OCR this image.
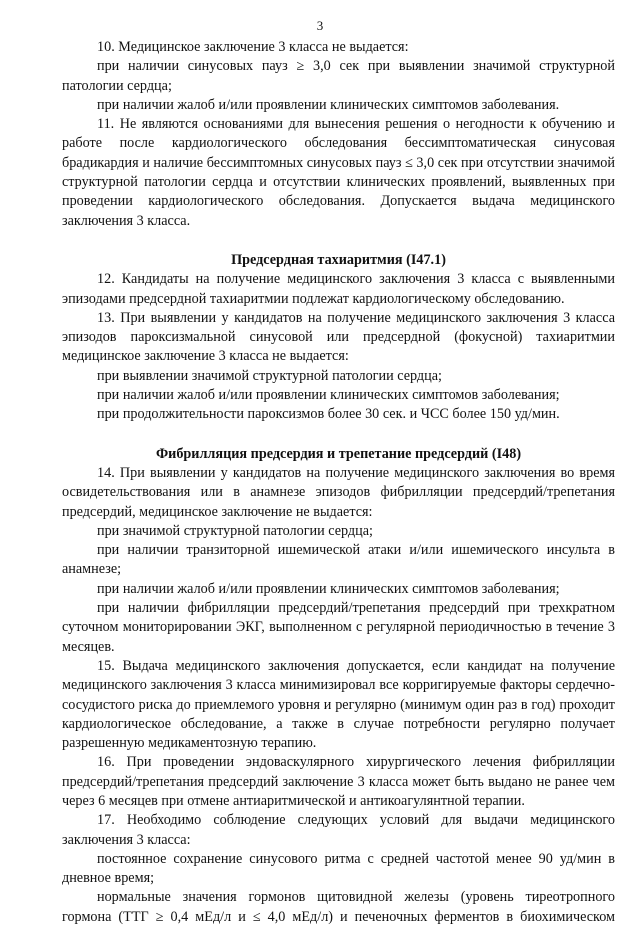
3

10. Медицинское заключение 3 класса не выдается:

при наличии синусовых пауз ≥ 3,0 сек при выявлении значимой структурной патологии сердца;

при наличии жалоб и/или проявлении клинических симптомов заболевания.

11. Не являются основаниями для вынесения решения о негодности к обучению и работе после кардиологического обследования бессимптоматическая синусовая брадикардия и наличие бессимптомных синусовых пауз ≤ 3,0 сек при отсутствии значимой структурной патологии сердца и отсутствии клинических проявлений, выявленных при проведении кардиологического обследования. Допускается выдача медицинского заключения 3 класса.

Предсердная тахиаритмия (I47.1)

12. Кандидаты на получение медицинского заключения 3 класса с выявленными эпизодами предсердной тахиаритмии подлежат кардиологическому обследованию.

13. При выявлении у кандидатов на получение медицинского заключения 3 класса эпизодов пароксизмальной синусовой или предсердной (фокусной) тахиаритмии медицинское заключение 3 класса не выдается:

при выявлении значимой структурной патологии сердца;

при наличии жалоб и/или проявлении клинических симптомов заболевания;

при продолжительности пароксизмов более 30 сек. и ЧСС более 150 уд/мин.

Фибрилляция предсердия и трепетание предсердий (I48)

14. При выявлении у кандидатов на получение медицинского заключения во время освидетельствования или в анамнезе эпизодов фибрилляции предсердий/трепетания предсердий, медицинское заключение не выдается:

при значимой структурной патологии сердца;

при наличии транзиторной ишемической атаки и/или ишемического инсульта в анамнезе;

при наличии жалоб и/или проявлении клинических симптомов заболевания;

при наличии фибрилляции предсердий/трепетания предсердий при трехкратном суточном мониторировании ЭКГ, выполненном с регулярной периодичностью в течение 3 месяцев.

15. Выдача медицинского заключения допускается, если кандидат на получение медицинского заключения 3 класса минимизировал все корригируемые факторы сердечно-сосудистого риска до приемлемого уровня и регулярно (минимум один раз в год) проходит кардиологическое обследование, а также в случае потребности регулярно получает разрешенную медикаментозную терапию.

16. При проведении эндоваскулярного хирургического лечения фибрилляции предсердий/трепетания предсердий заключение 3 класса может быть выдано не ранее чем через 6 месяцев при отмене антиаритмической и антикоагулянтной терапии.

17. Необходимо соблюдение следующих условий для выдачи медицинского заключения 3 класса:

постоянное сохранение синусового ритма с средней частотой менее 90 уд/мин в дневное время;

нормальные значения гормонов щитовидной железы (уровень тиреотропного гормона (ТТГ ≥ 0,4 мЕд/л и ≤ 4,0 мЕд/л) и печеночных ферментов в биохимическом
